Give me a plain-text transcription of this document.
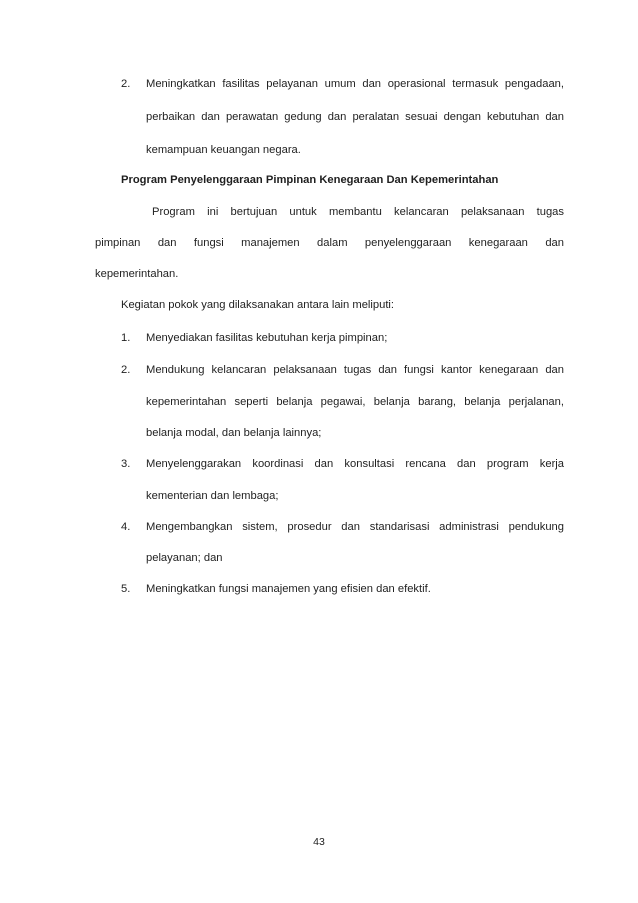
2. Meningkatkan fasilitas pelayanan umum dan operasional termasuk pengadaan,
perbaikan dan perawatan gedung dan peralatan sesuai dengan kebutuhan dan
kemampuan keuangan negara.
Program Penyelenggaraan Pimpinan Kenegaraan Dan Kepemerintahan
Program ini bertujuan untuk membantu kelancaran pelaksanaan tugas
pimpinan dan fungsi manajemen dalam penyelenggaraan kenegaraan dan
kepemerintahan.
Kegiatan pokok yang dilaksanakan antara lain meliputi:
1. Menyediakan fasilitas kebutuhan kerja pimpinan;
2. Mendukung kelancaran pelaksanaan tugas dan fungsi kantor kenegaraan dan
kepemerintahan seperti belanja pegawai, belanja barang, belanja perjalanan,
belanja modal, dan belanja lainnya;
3. Menyelenggarakan koordinasi dan konsultasi rencana dan program kerja
kementerian dan lembaga;
4. Mengembangkan sistem, prosedur dan standarisasi administrasi pendukung
pelayanan; dan
5. Meningkatkan fungsi manajemen yang efisien dan efektif.
43
